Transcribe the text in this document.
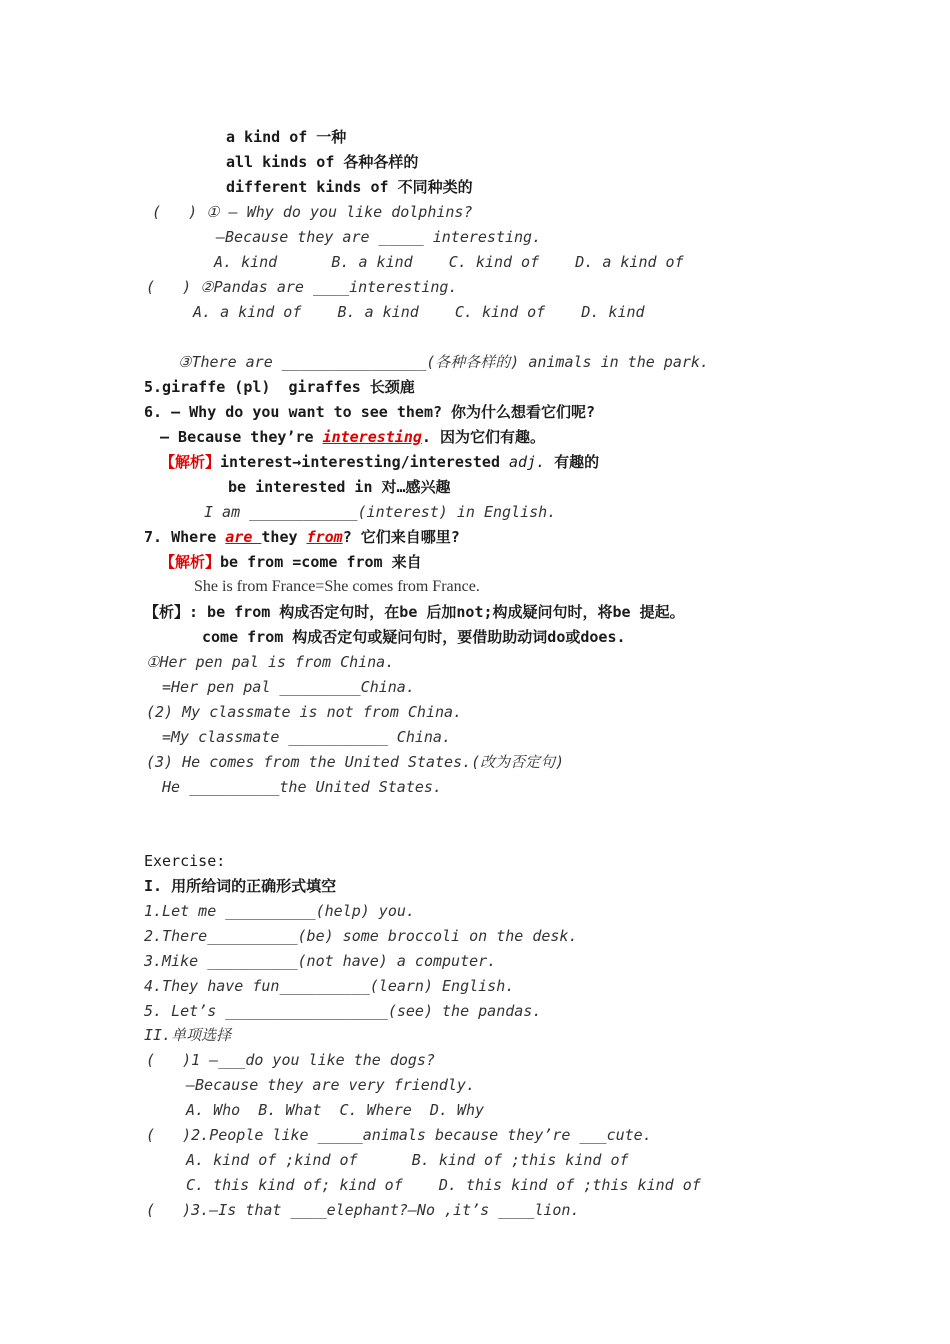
a kind of 一种
all kinds of 各种各样的
different kinds of 不同种类的
(   ) ① — Why do you like dolphins?
—Because they are _____ interesting.
A. kind      B. a kind    C. kind of    D. a kind of
(   ) ②Pandas are ____interesting.
A. a kind of    B. a kind    C. kind of    D. kind
③There are ________________(各种各样的) animals in the park.
5.giraffe (pl)  giraffes 长颈鹿
6. — Why do you want to see them? 你为什么想看它们呢?
— Because they’re interesting. 因为它们有趣。
【解析】interest→interesting/interested adj. 有趣的
be interested in 对…感兴趣
I am ____________(interest) in English.
7. Where are they from? 它们来自哪里?
【解析】be from =come from 来自
She is from France=She comes from France.
【析】: be from 构成否定句时，在be 后加not;构成疑问句时，将be 提起。
come from 构成否定句或疑问句时，要借助助动词do或does.
①Her pen pal is from China.
=Her pen pal _________China.
(2) My classmate is not from China.
=My classmate ___________ China.
(3) He comes from the United States.(改为否定句)
He __________the United States.
Exercise:
I. 用所给词的正确形式填空
1.Let me __________(help) you.
2.There__________(be) some broccoli on the desk.
3.Mike __________(not have) a computer.
4.They have fun__________(learn) English.
5. Let’s __________________(see) the pandas.
II.单项选择
(   )1 —___do you like the dogs?
—Because they are very friendly.
A. Who  B. What  C. Where  D. Why
(   )2.People like _____animals because they’re ___cute.
A. kind of ;kind of      B. kind of ;this kind of
C. this kind of; kind of    D. this kind of ;this kind of
(   )3.—Is that ____elephant?—No ,it’s ____lion.
